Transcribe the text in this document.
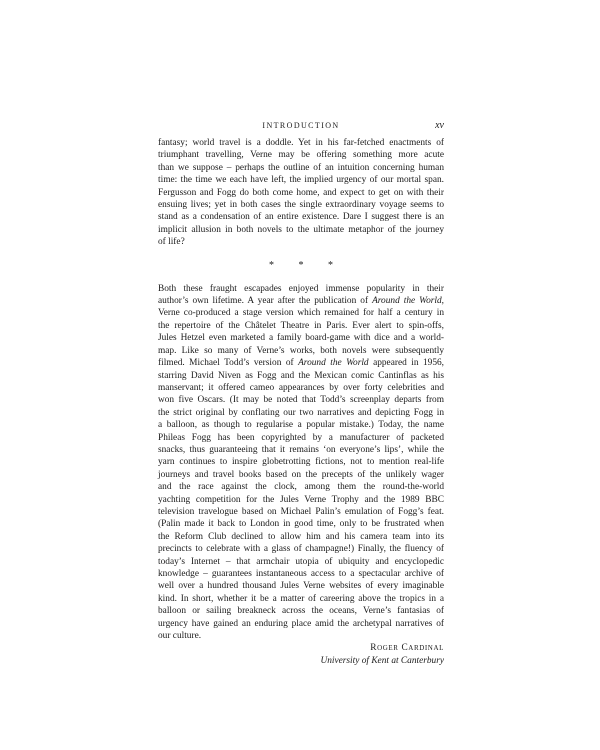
INTRODUCTION	xv

fantasy; world travel is a doddle. Yet in his far-fetched enactments of
triumphant travelling, Verne may be offering something more acute
than we suppose – perhaps the outline of an intuition concerning human
time: the time we each have left, the implied urgency of our mortal span.
Fergusson and Fogg do both come home, and expect to get on with their
ensuing lives; yet in both cases the single extraordinary voyage seems to
stand as a condensation of an entire existence. Dare I suggest there is an
implicit allusion in both novels to the ultimate metaphor of the journey
of life?

* * *

Both these fraught escapades enjoyed immense popularity in their
author’s own lifetime. A year after the publication of Around the World,
Verne co-produced a stage version which remained for half a century in
the repertoire of the Châtelet Theatre in Paris. Ever alert to spin-offs,
Jules Hetzel even marketed a family board-game with dice and a world-
map. Like so many of Verne’s works, both novels were subsequently
filmed. Michael Todd’s version of Around the World appeared in 1956,
starring David Niven as Fogg and the Mexican comic Cantinflas as his
manservant; it offered cameo appearances by over forty celebrities and
won five Oscars. (It may be noted that Todd’s screenplay departs from
the strict original by conflating our two narratives and depicting Fogg in
a balloon, as though to regularise a popular mistake.) Today, the name
Phileas Fogg has been copyrighted by a manufacturer of packeted
snacks, thus guaranteeing that it remains ‘on everyone’s lips’, while the
yarn continues to inspire globetrotting fictions, not to mention real-life
journeys and travel books based on the precepts of the unlikely wager
and the race against the clock, among them the round-the-world
yachting competition for the Jules Verne Trophy and the 1989 BBC
television travelogue based on Michael Palin’s emulation of Fogg’s feat.
(Palin made it back to London in good time, only to be frustrated when
the Reform Club declined to allow him and his camera team into its
precincts to celebrate with a glass of champagne!) Finally, the fluency of
today’s Internet – that armchair utopia of ubiquity and encyclopedic
knowledge – guarantees instantaneous access to a spectacular archive of
well over a hundred thousand Jules Verne websites of every imaginable
kind. In short, whether it be a matter of careering above the tropics in a
balloon or sailing breakneck across the oceans, Verne’s fantasias of
urgency have gained an enduring place amid the archetypal narratives of
our culture.

Roger Cardinal
University of Kent at Canterbury
